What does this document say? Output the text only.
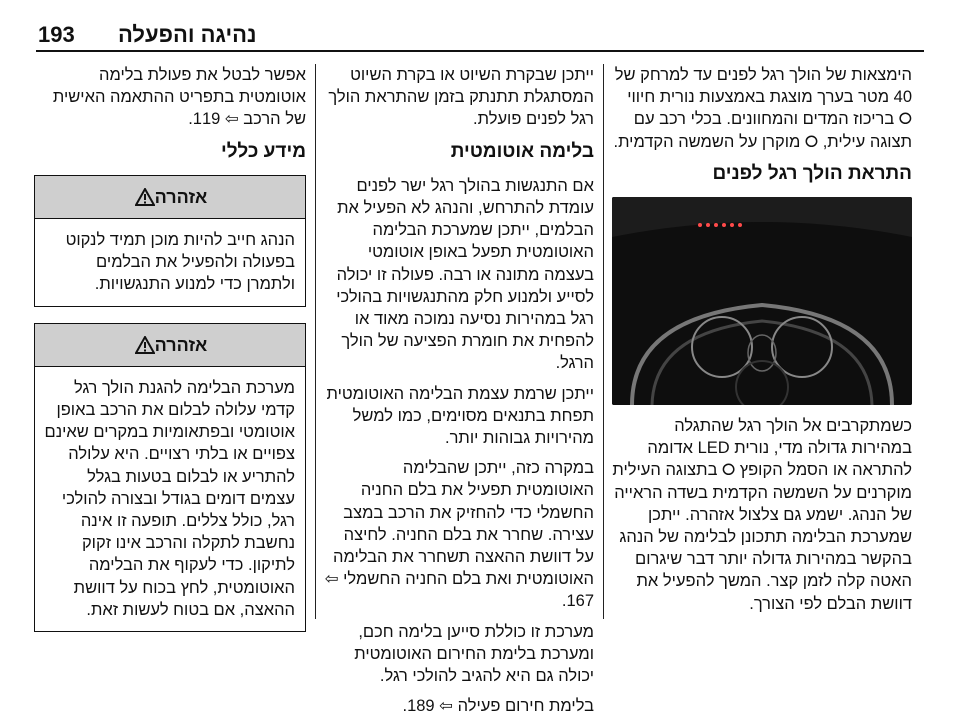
193 נהיגה והפעלה

הימצאות של הולך רגל לפנים עד למרחק של 40 מטר בערך מוצגת באמצעות נורית חיווי ⭘ בריכוז המדים והמחוונים. בכלי רכב עם תצוגה עילית, ⭘ מוקרן על השמשה הקדמית.

התראת הולך רגל לפנים

כשמתקרבים אל הולך רגל שהתגלה במהירות גדולה מדי, נורית LED אדומה להתראה או הסמל הקופץ ⭘ בתצוגה העילית מוקרנים על השמשה הקדמית בשדה הראייה של הנהג. ישמע גם צלצול אזהרה. ייתכן שמערכת הבלימה תתכונן לבלימה של הנהג בהקשר במהירות גדולה יותר דבר שיגרום האטה קלה לזמן קצר. המשך להפעיל את דוושת הבלם לפי הצורך.

ייתכן שבקרת השיוט או בקרת השיוט המסתגלת תתנתק בזמן שהתראת הולך רגל לפנים פועלת.

בלימה אוטומטית

אם התנגשות בהולך רגל ישר לפנים עומדת להתרחש, והנהג לא הפעיל את הבלמים, ייתכן שמערכת הבלימה האוטומטית תפעל באופן אוטומטי בעצמה מתונה או רבה. פעולה זו יכולה לסייע ולמנוע חלק מהתנגשויות בהולכי רגל במהירות נסיעה נמוכה מאוד או להפחית את חומרת הפציעה של הולך הרגל.

ייתכן שרמת עצמת הבלימה האוטומטית תפחת בתנאים מסוימים, כמו למשל מהירויות גבוהות יותר.

במקרה כזה, ייתכן שהבלימה האוטומטית תפעיל את בלם החניה החשמלי כדי להחזיק את הרכב במצב עצירה. שחרר את בלם החניה. לחיצה על דוושת ההאצה תשחרר את הבלימה האוטומטית ואת בלם החניה החשמלי ⇦ 167.

מערכת זו כוללת סייען בלימה חכם, ומערכת בלימת החירום האוטומטית יכולה גם היא להגיב להולכי רגל.

בלימת חירום פעילה ⇦ 189.

אפשר לבטל את פעולת בלימה אוטומטית בתפריט ההתאמה האישית של הרכב ⇦ 119.

מידע כללי
אזהרה
הנהג חייב להיות מוכן תמיד לנקוט בפעולה ולהפעיל את הבלמים ולתמרן כדי למנוע התנגשויות.
אזהרה
מערכת הבלימה להגנת הולך רגל קדמי עלולה לבלום את הרכב באופן אוטומטי ובפתאומיות במקרים שאינם צפויים או בלתי רצויים. היא עלולה להתריע או לבלום בטעות בגלל עצמים דומים בגודל ובצורה להולכי רגל, כולל צללים. תופעה זו אינה נחשבת לתקלה והרכב אינו זקוק לתיקון. כדי לעקוף את הבלימה האוטומטית, לחץ בכוח על דוושת ההאצה, אם בטוח לעשות זאת.
